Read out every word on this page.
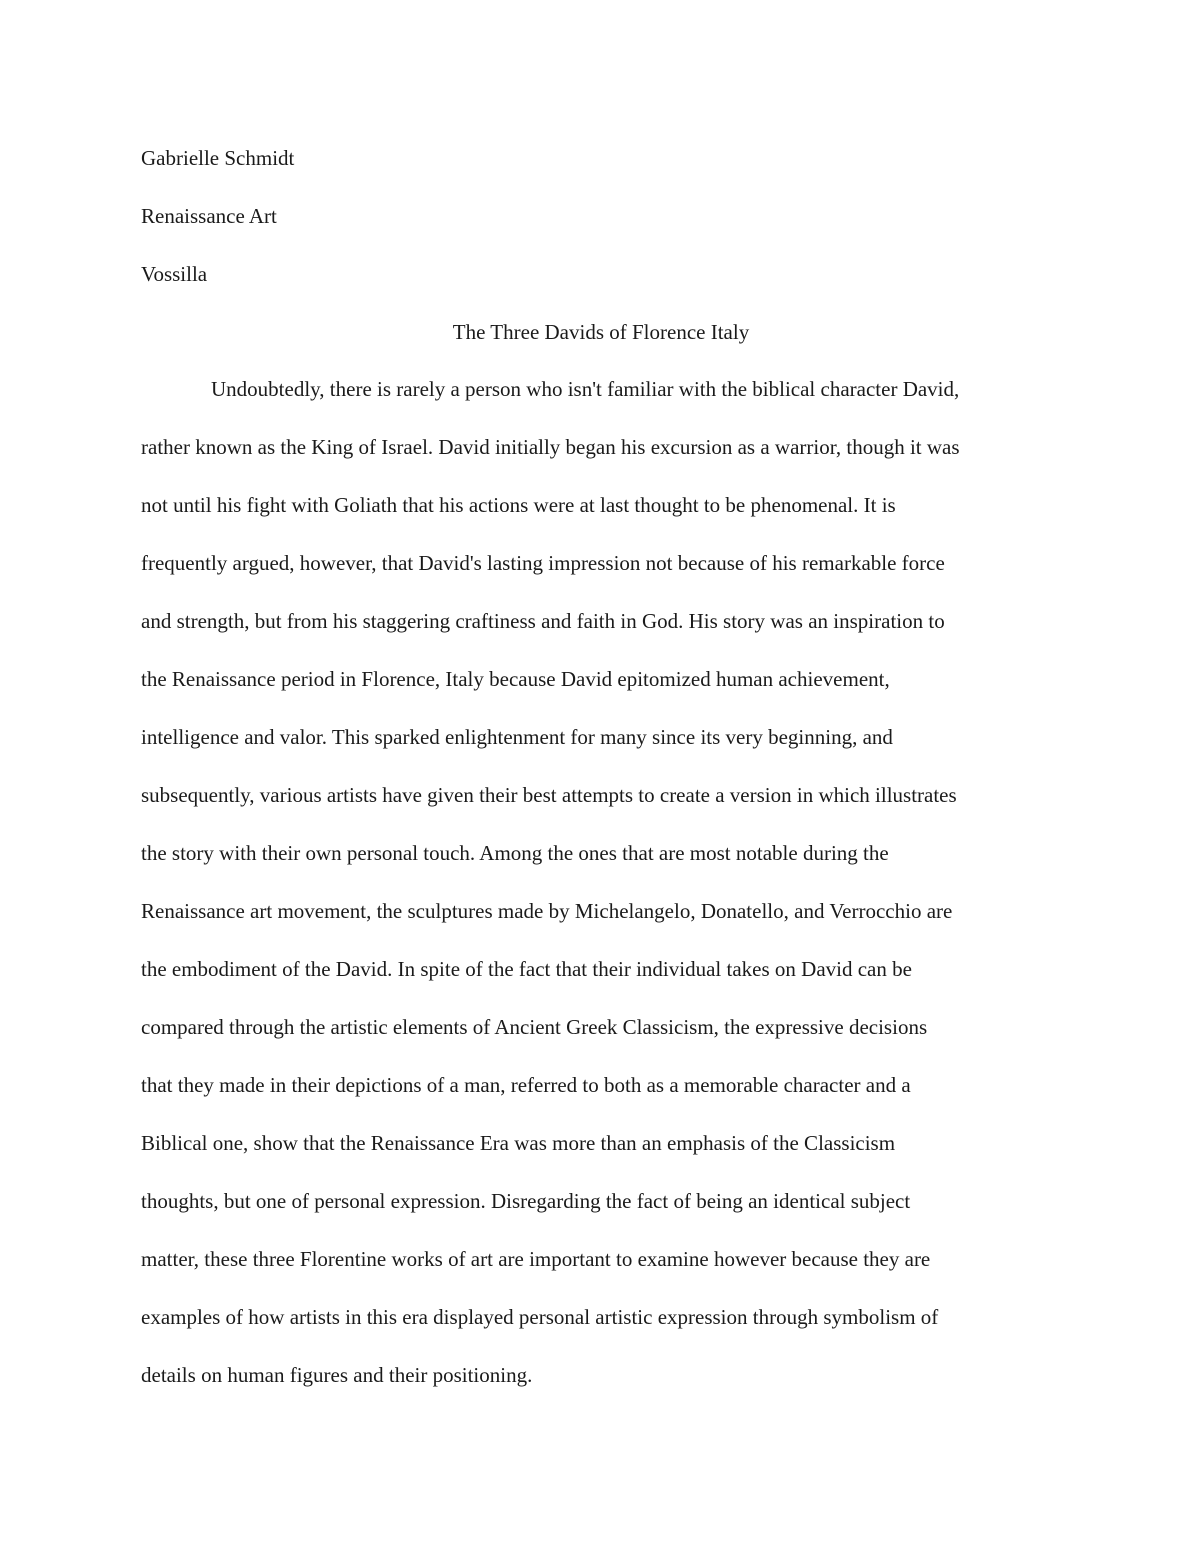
Gabrielle Schmidt
Renaissance Art
Vossilla
The Three Davids of Florence Italy
Undoubtedly, there is rarely a person who isn't familiar with the biblical character David,
rather known as the King of Israel. David initially began his excursion as a warrior, though it was
not until his fight with Goliath that his actions were at last thought to be phenomenal. It is
frequently argued, however, that David's lasting impression not because of his remarkable force
and strength, but from his staggering craftiness and faith in God. His story was an inspiration to
the Renaissance period in Florence, Italy because David epitomized human achievement,
intelligence and valor. This sparked enlightenment for many since its very beginning, and
subsequently, various artists have given their best attempts to create a version in which illustrates
the story with their own personal touch. Among the ones that are most notable during the
Renaissance art movement, the sculptures made by Michelangelo, Donatello, and Verrocchio are
the embodiment of the David. In spite of the fact that their individual takes on David can be
compared through the artistic elements of Ancient Greek Classicism, the expressive decisions
that they made in their depictions of a man, referred to both as a memorable character and a
Biblical one, show that the Renaissance Era was more than an emphasis of the Classicism
thoughts, but one of personal expression. Disregarding the fact of being an identical subject
matter, these three Florentine works of art are important to examine however because they are
examples of how artists in this era displayed personal artistic expression through symbolism of
details on human figures and their positioning.
